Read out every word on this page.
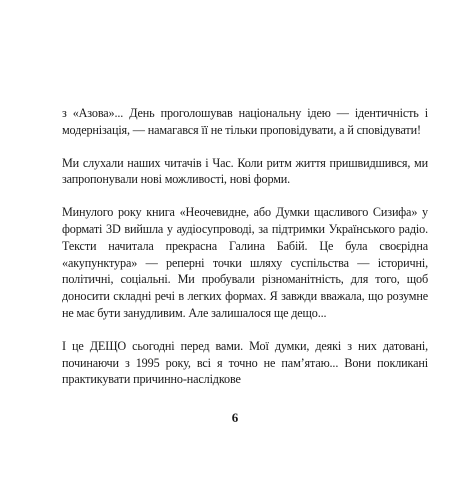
з «Азова»... День проголошував національну ідею — ідентичність і модернізація, — намагався її не тільки проповідувати, а й сповідувати!

Ми слухали наших читачів і Час. Коли ритм життя пришвидшився, ми запропонували нові можливості, нові форми.

Минулого року книга «Неочевидне, або Думки щасливого Сизифа» у форматі 3D вийшла у аудіосупроводі, за підтримки Українського радіо. Тексти начитала прекрасна Галина Бабій. Це була своєрідна «акупунктура» — реперні точки шляху суспільства — історичні, політичні, соціальні. Ми пробували різноманітність, для того, щоб доносити складні речі в легких формах. Я завжди вважала, що розумне не має бути занудливим. Але залишалося ще дещо...

І це ДЕЩО сьогодні перед вами. Мої думки, деякі з них датовані, починаючи з 1995 року, всі я точно не пам’ятаю... Вони покликані практикувати причинно-наслідкове

6
